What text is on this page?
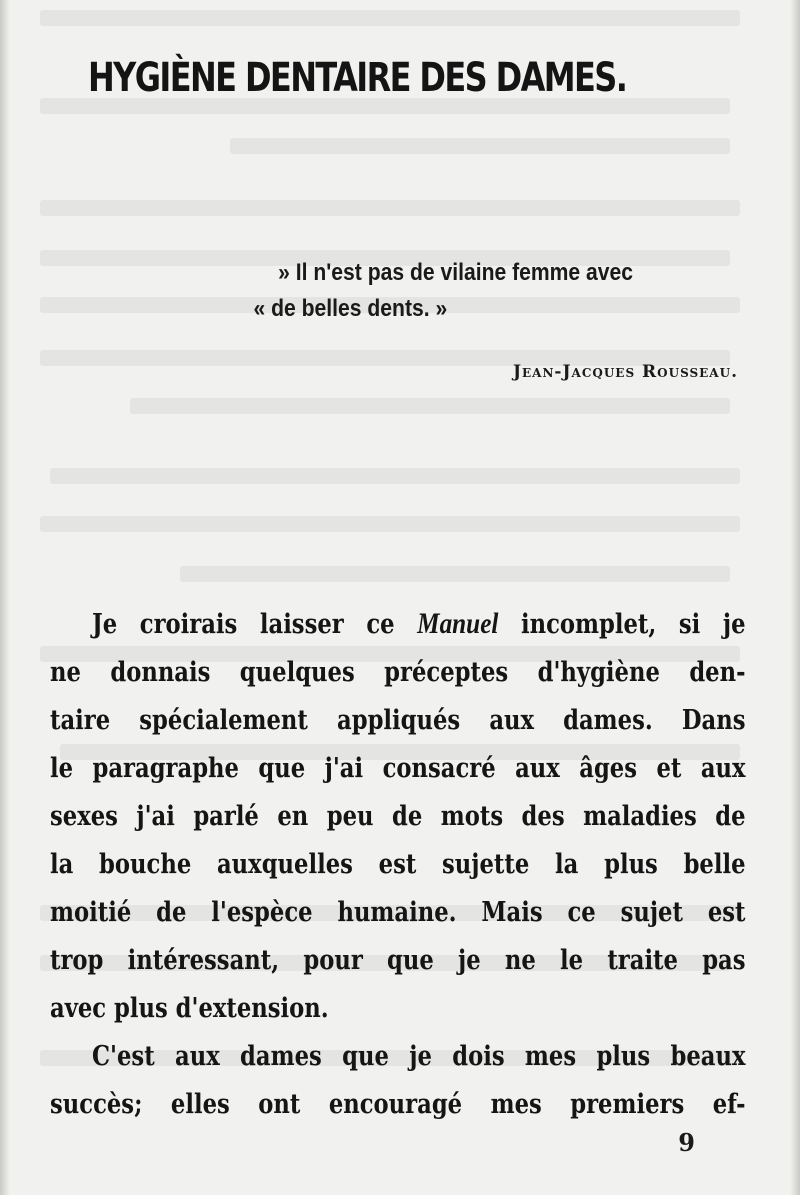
HYGIÈNE DENTAIRE DES DAMES.
» Il n'est pas de vilaine femme avec
« de belles dents. »
Jean-Jacques Rousseau.
Je croirais laisser ce Manuel incomplet, si je
ne donnais quelques préceptes d'hygiène den-
taire spécialement appliqués aux dames. Dans
le paragraphe que j'ai consacré aux âges et aux
sexes j'ai parlé en peu de mots des maladies de
la bouche auxquelles est sujette la plus belle
moitié de l'espèce humaine. Mais ce sujet est
trop intéressant, pour que je ne le traite pas
avec plus d'extension.
C'est aux dames que je dois mes plus beaux
succès; elles ont encouragé mes premiers ef-
9
